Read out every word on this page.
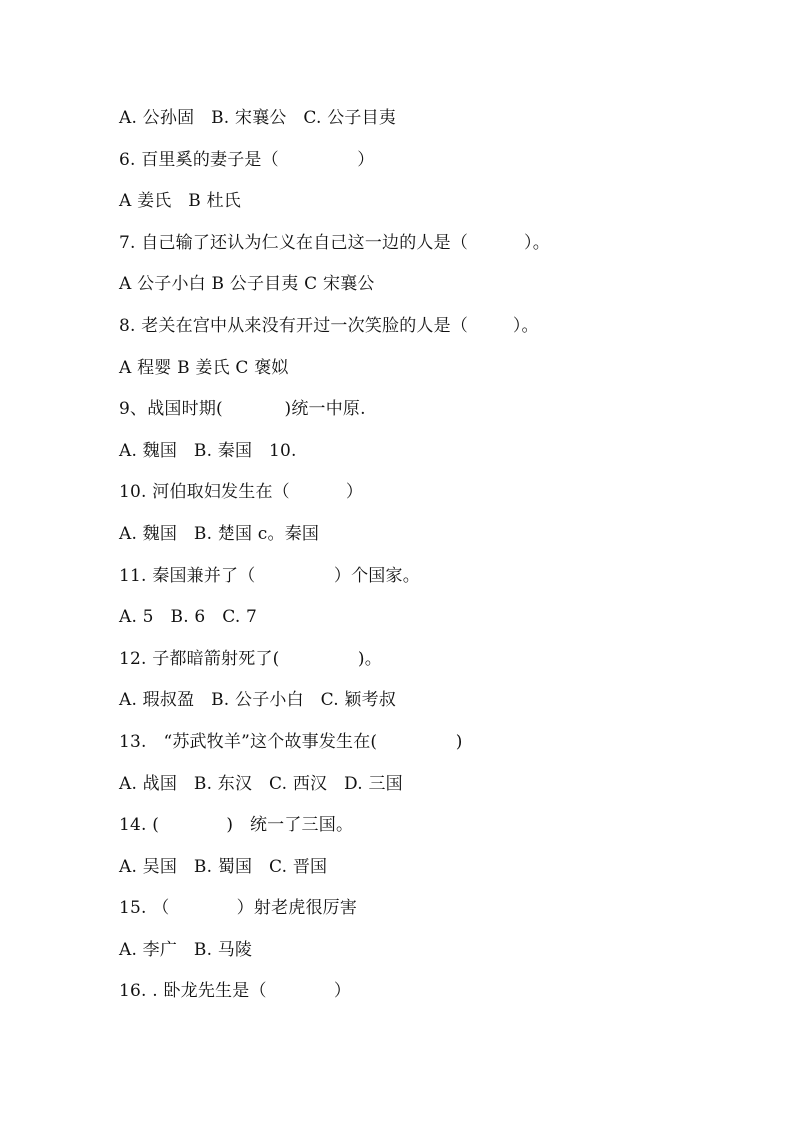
A. 公孙固   B. 宋襄公   C. 公子目夷
6. 百里奚的妻子是（              ）
A 姜氏   B 杜氏
7. 自己输了还认为仁义在自己这一边的人是（          ）。
A 公子小白 B 公子目夷 C 宋襄公
8. 老关在宫中从来没有开过一次笑脸的人是（        ）。
A 程婴 B 姜氏 C 褒姒
9、战国时期(           )统一中原.
A. 魏国   B. 秦国   10.
10. 河伯取妇发生在（          ）
A. 魏国   B. 楚国 c。秦国
11. 秦国兼并了（              ）个国家。
A. 5   B. 6   C. 7
12. 子都暗箭射死了(              )。
A. 瑕叔盈   B. 公子小白   C. 颖考叔
13.   “苏武牧羊”这个故事发生在(              )
A. 战国   B. 东汉   C. 西汉   D. 三国
14. (            )   统一了三国。
A. 吴国   B. 蜀国   C. 晋国
15. （            ）射老虎很厉害
A. 李广   B. 马陵
16. . 卧龙先生是（            ）
